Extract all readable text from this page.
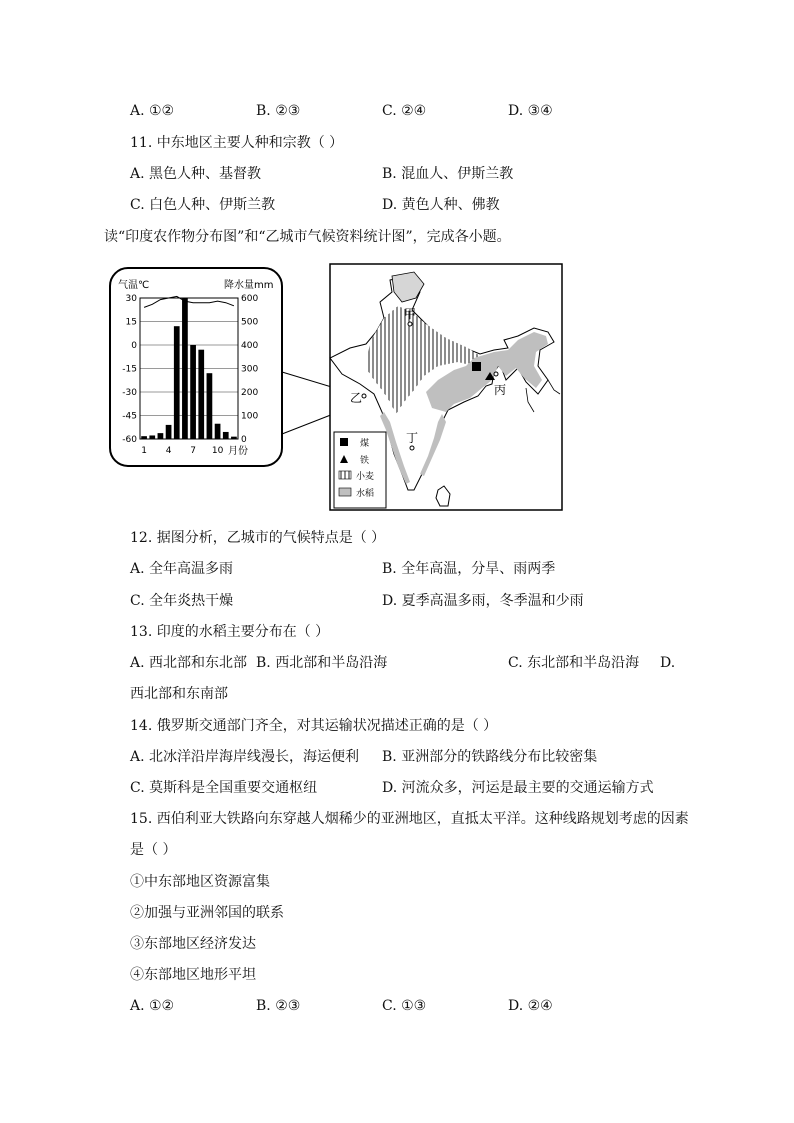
A. ①②	B. ②③	C. ②④	D. ③④
11. 中东地区主要人种和宗教（ ）
A. 黑色人种、基督教	B. 混血人、伊斯兰教
C. 白色人种、伊斯兰教	D. 黄色人种、佛教
读“印度农作物分布图”和“乙城市气候资料统计图”，完成各小题。
气温℃	降水量mm
30
15
0
-15
-30
-45
-60
600
500
400
300
200
100
0
1 4 7 10 月份
甲
乙
丙
丁
煤
铁
小麦
水稻
12. 据图分析，乙城市的气候特点是（ ）
A. 全年高温多雨	B. 全年高温，分旱、雨两季
C. 全年炎热干燥	D. 夏季高温多雨，冬季温和少雨
13. 印度的水稻主要分布在（ ）
A. 西北部和东北部 B. 西北部和半岛沿海	C. 东北部和半岛沿海 D.
西北部和东南部
14. 俄罗斯交通部门齐全，对其运输状况描述正确的是（ ）
A. 北冰洋沿岸海岸线漫长，海运便利 B. 亚洲部分的铁路线分布比较密集
C. 莫斯科是全国重要交通枢纽	D. 河流众多，河运是最主要的交通运输方式
15. 西伯利亚大铁路向东穿越人烟稀少的亚洲地区，直抵太平洋。这种线路规划考虑的因素
是（ ）
①中东部地区资源富集
②加强与亚洲邻国的联系
③东部地区经济发达
④东部地区地形平坦
A. ①②	B. ②③	C. ①③	D. ②④
